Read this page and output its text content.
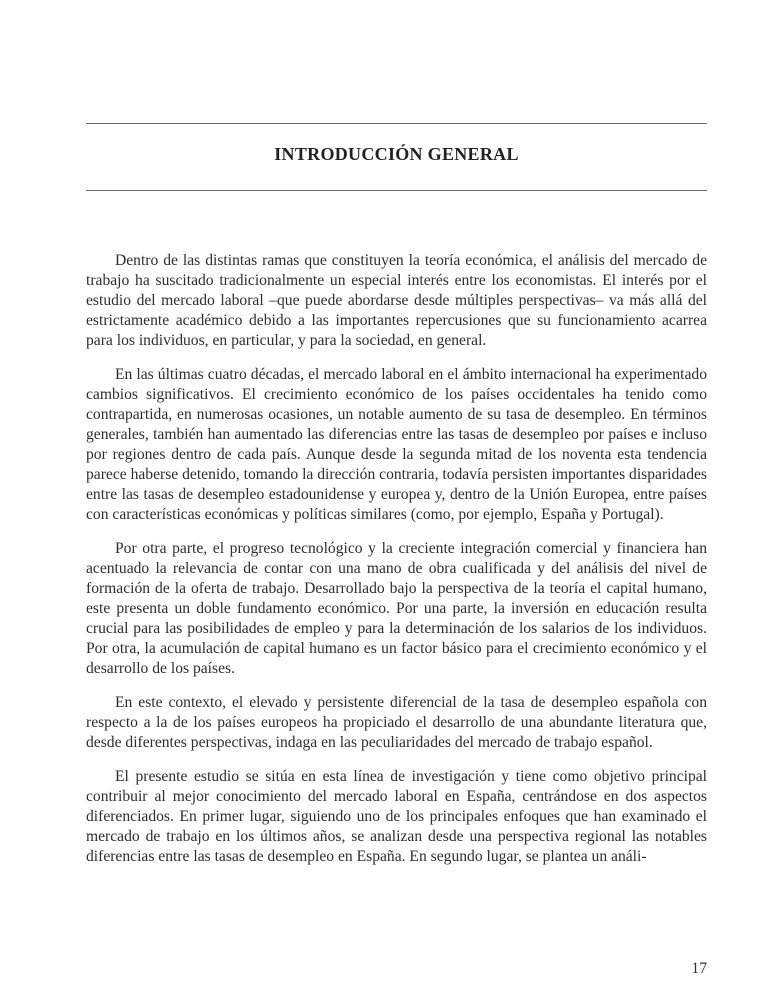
INTRODUCCIÓN GENERAL

Dentro de las distintas ramas que constituyen la teoría económica, el análisis del mercado de trabajo ha suscitado tradicionalmente un especial interés entre los economistas. El interés por el estudio del mercado laboral –que puede abordarse desde múltiples perspectivas– va más allá del estrictamente académico debido a las importantes repercusiones que su funcionamiento acarrea para los individuos, en particular, y para la sociedad, en general.

En las últimas cuatro décadas, el mercado laboral en el ámbito internacional ha experimentado cambios significativos. El crecimiento económico de los países occidentales ha tenido como contrapartida, en numerosas ocasiones, un notable aumento de su tasa de desempleo. En términos generales, también han aumentado las diferencias entre las tasas de desempleo por países e incluso por regiones dentro de cada país. Aunque desde la segunda mitad de los noventa esta tendencia parece haberse detenido, tomando la dirección contraria, todavía persisten importantes disparidades entre las tasas de desempleo estadounidense y europea y, dentro de la Unión Europea, entre países con características económicas y políticas similares (como, por ejemplo, España y Portugal).

Por otra parte, el progreso tecnológico y la creciente integración comercial y financiera han acentuado la relevancia de contar con una mano de obra cualificada y del análisis del nivel de formación de la oferta de trabajo. Desarrollado bajo la perspectiva de la teoría el capital humano, este presenta un doble fundamento económico. Por una parte, la inversión en educación resulta crucial para las posibilidades de empleo y para la determinación de los salarios de los individuos. Por otra, la acumulación de capital humano es un factor básico para el crecimiento económico y el desarrollo de los países.

En este contexto, el elevado y persistente diferencial de la tasa de desempleo española con respecto a la de los países europeos ha propiciado el desarrollo de una abundante literatura que, desde diferentes perspectivas, indaga en las peculiaridades del mercado de trabajo español.

El presente estudio se sitúa en esta línea de investigación y tiene como objetivo principal contribuir al mejor conocimiento del mercado laboral en España, centrándose en dos aspectos diferenciados. En primer lugar, siguiendo uno de los principales enfoques que han examinado el mercado de trabajo en los últimos años, se analizan desde una perspectiva regional las notables diferencias entre las tasas de desempleo en España. En segundo lugar, se plantea un análi-

17
